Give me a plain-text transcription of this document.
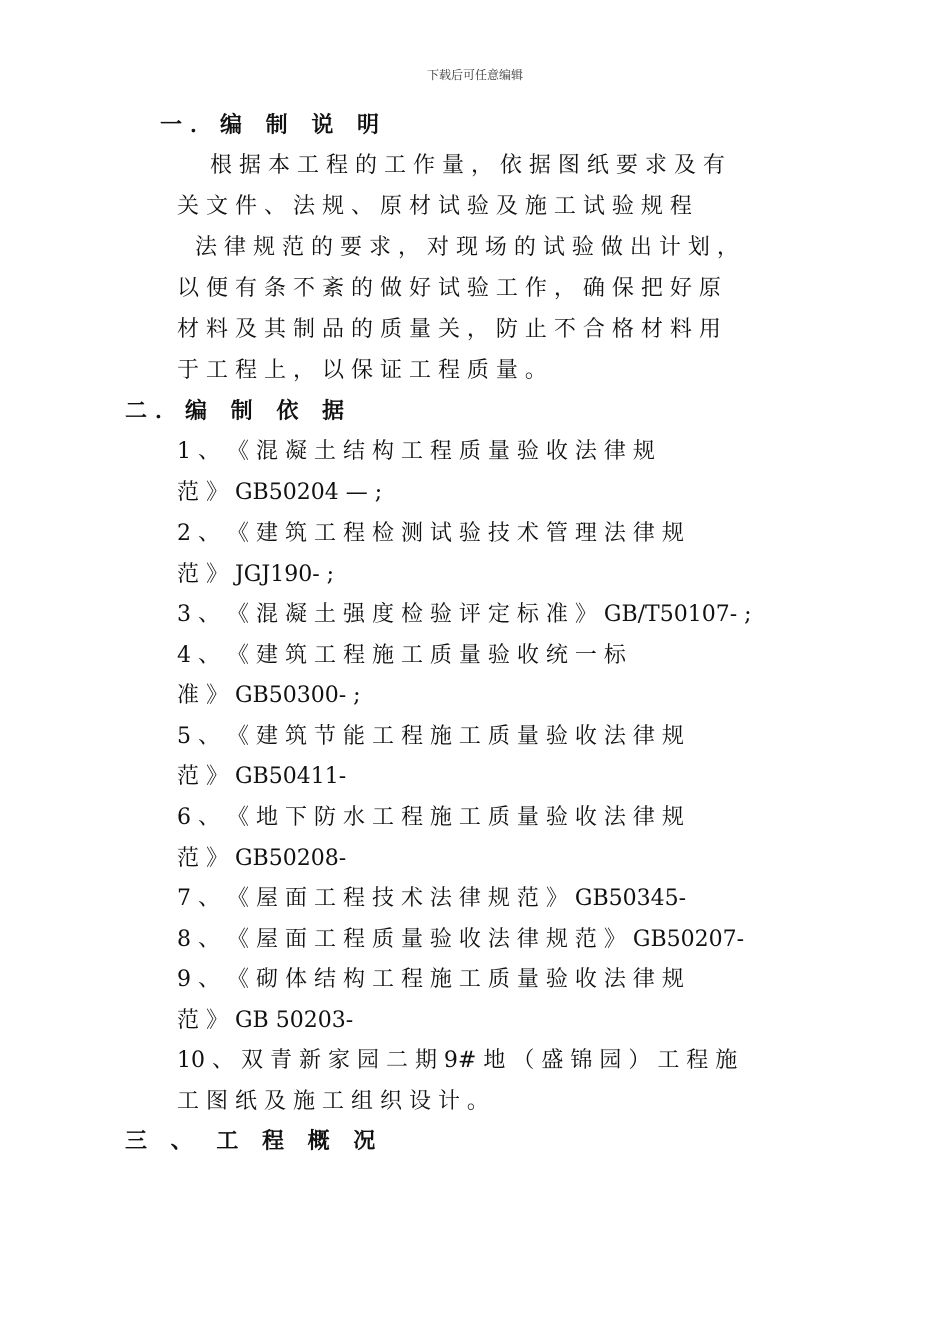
下载后可任意编辑
一．编 制 说 明
根 据 本 工 程 的 工 作 量 ， 依 据 图 纸 要 求 及 有
关 文 件 、 法 规 、 原 材 试 验 及 施 工 试 验 规 程
法 律 规 范 的 要 求 ， 对 现 场 的 试 验 做 出 计 划 ，
以 便 有 条 不 紊 的 做 好 试 验 工 作 ， 确 保 把 好 原
材 料 及 其 制 品 的 质 量 关 ， 防 止 不 合 格 材 料 用
于 工 程 上 ， 以 保 证 工 程 质 量 。
二．编 制 依 据
1 、 《 混 凝 土 结 构 工 程 质 量 验 收 法 律 规
范 》 GB50204 — ;
2 、 《 建 筑 工 程 检 测 试 验 技 术 管 理 法 律 规
范 》 JGJ190- ;
3 、 《 混 凝 土 强 度 检 验 评 定 标 准 》 GB/T50107- ;
4 、 《 建 筑 工 程 施 工 质 量 验 收 统 一 标
准 》 GB50300- ;
5 、 《 建 筑 节 能 工 程 施 工 质 量 验 收 法 律 规
范 》 GB50411-
6 、 《 地 下 防 水 工 程 施 工 质 量 验 收 法 律 规
范 》 GB50208-
7 、 《 屋 面 工 程 技 术 法 律 规 范 》 GB50345-
8 、 《 屋 面 工 程 质 量 验 收 法 律 规 范 》 GB50207-
9 、 《 砌 体 结 构 工 程 施 工 质 量 验 收 法 律 规
范 》 GB 50203-
10 、 双 青 新 家 园 二 期 9# 地 （ 盛 锦 园 ） 工 程 施
工 图 纸 及 施 工 组 织 设 计 。
三 、 工 程 概 况
